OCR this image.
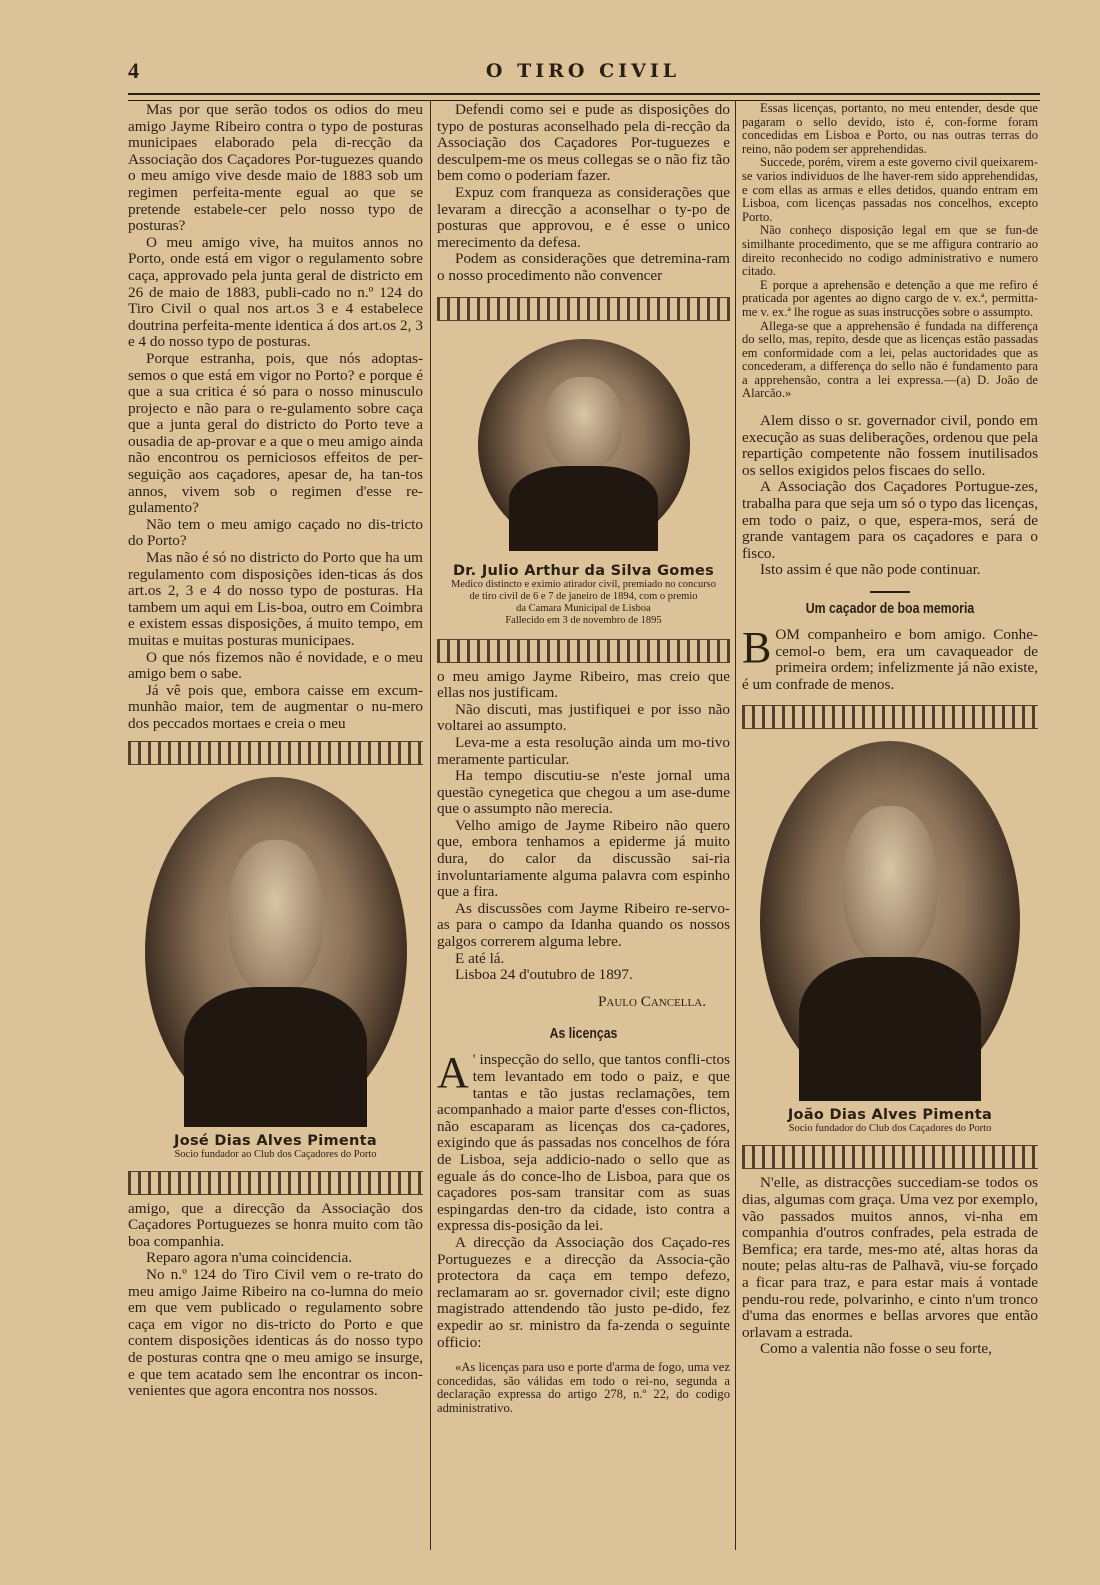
4	O TIRO CIVIL

Mas por que serão todos os odios do meu amigo Jayme Ribeiro contra o typo de posturas municipaes elaborado pela di-recção da Associação dos Caçadores Por-tuguezes quando o meu amigo vive desde maio de 1883 sob um regimen perfeita-mente egual ao que se pretende estabele-cer pelo nosso typo de posturas?

O meu amigo vive, ha muitos annos no Porto, onde está em vigor o regulamento sobre caça, approvado pela junta geral de districto em 26 de maio de 1883, publi-cado no n.º 124 do Tiro Civil o qual nos art.os 3 e 4 estabelece doutrina perfeita-mente identica á dos art.os 2, 3 e 4 do nosso typo de posturas.

Porque estranha, pois, que nós adoptas-semos o que está em vigor no Porto? e porque é que a sua critica é só para o nosso minusculo projecto e não para o re-gulamento sobre caça que a junta geral do districto do Porto teve a ousadia de ap-provar e a que o meu amigo ainda não encontrou os perniciosos effeitos de per-seguição aos caçadores, apesar de, ha tan-tos annos, vivem sob o regimen d'esse re-gulamento?

Não tem o meu amigo caçado no dis-tricto do Porto?

Mas não é só no districto do Porto que ha um regulamento com disposições iden-ticas ás dos art.os 2, 3 e 4 do nosso typo de posturas. Ha tambem um aqui em Lis-boa, outro em Coimbra e existem essas disposições, á muito tempo, em muitas e muitas posturas municipaes.

O que nós fizemos não é novidade, e o meu amigo bem o sabe.

Já vê pois que, embora caisse em excum-munhão maior, tem de augmentar o nu-mero dos peccados mortaes e creia o meu

José Dias Alves Pimenta
Socio fundador ao Club dos Caçadores do Porto

amigo, que a direcção da Associação dos Caçadores Portuguezes se honra muito com tão boa companhia.

Reparo agora n'uma coincidencia.

No n.º 124 do Tiro Civil vem o re-trato do meu amigo Jaime Ribeiro na co-lumna do meio em que vem publicado o regulamento sobre caça em vigor no dis-tricto do Porto e que contem disposições identicas ás do nosso typo de posturas contra qne o meu amigo se insurge, e que tem acatado sem lhe encontrar os incon-venientes que agora encontra nos nossos.

Defendi como sei e pude as disposições do typo de posturas aconselhado pela di-recção da Associação dos Caçadores Por-tuguezes e desculpem-me os meus collegas se o não fiz tão bem como o poderiam fazer.

Expuz com franqueza as considerações que levaram a direcção a aconselhar o ty-po de posturas que approvou, e é esse o unico merecimento da defesa.

Podem as considerações que detremina-ram o nosso procedimento não convencer

Dr. Julio Arthur da Silva Gomes
Medico distincto e eximio atirador civil, premiado no concurso
de tiro civil de 6 e 7 de janeiro de 1894, com o premio
da Camara Municipal de Lisboa
Fallecido em 3 de novembro de 1895

o meu amigo Jayme Ribeiro, mas creio que ellas nos justificam.

Não discuti, mas justifiquei e por isso não voltarei ao assumpto.

Leva-me a esta resolução ainda um mo-tivo meramente particular.

Ha tempo discutiu-se n'este jornal uma questão cynegetica que chegou a um ase-dume que o assumpto não merecia.

Velho amigo de Jayme Ribeiro não quero que, embora tenhamos a epiderme já muito dura, do calor da discussão sai-ria involuntariamente alguma palavra com espinho que a fira.

As discussões com Jayme Ribeiro re-servo-as para o campo da Idanha quando os nossos galgos correrem alguma lebre.

E até lá.

Lisboa 24 d'outubro de 1897.

Paulo Cancella.
As licenças
A ' inspecção do sello, que tantos confli-ctos tem levantado em todo o paiz, e que tantas e tão justas reclamações, tem acompanhado a maior parte d'esses con-flictos, não escaparam as licenças dos ca-çadores, exigindo que ás passadas nos concelhos de fóra de Lisboa, seja addicio-nado o sello que as eguale ás do conce-lho de Lisboa, para que os caçadores pos-sam transitar com as suas espingardas den-tro da cidade, isto contra a expressa dis-posição da lei.

A direcção da Associação dos Caçado-res Portuguezes e a direcção da Associa-ção protectora da caça em tempo defezo, reclamaram ao sr. governador civil; este digno magistrado attendendo tão justo pe-dido, fez expedir ao sr. ministro da fa-zenda o seguinte officio:

«As licenças para uso e porte d'arma de fogo, uma vez concedidas, são válidas em todo o rei-no, segunda a declaração expressa do artigo 278, n.º 22, do codigo administrativo.

Essas licenças, portanto, no meu entender, desde que pagaram o sello devido, isto é, con-forme foram concedidas em Lisboa e Porto, ou nas outras terras do reino, não podem ser apprehendidas.

Succede, porém, virem a este governo civil queixarem-se varios individuos de lhe haver-rem sido apprehendidas, e com ellas as armas e elles detidos, quando entram em Lisboa, com licenças passadas nos concelhos, excepto Porto.

Não conheço disposição legal em que se fun-de similhante procedimento, que se me affigura contrario ao direito reconhecido no codigo administrativo e numero citado.

E porque a aprehensão e detenção a que me refiro é praticada por agentes ao digno cargo de v. ex.ª, permitta-me v. ex.ª lhe rogue as suas instrucções sobre o assumpto.

Allega-se que a apprehensão é fundada na differença do sello, mas, repito, desde que as licenças estão passadas em conformidade com a lei, pelas auctoridades que as concederam, a differença do sello não é fundamento para a apprehensão, contra a lei expressa.—(a) D. João de Alarcão.»

Alem disso o sr. governador civil, pondo em execução as suas deliberações, ordenou que pela repartição competente não fossem inutilisados os sellos exigidos pelos fiscaes do sello.

A Associação dos Caçadores Portugue-zes, trabalha para que seja um só o typo das licenças, em todo o paiz, o que, espera-mos, será de grande vantagem para os caçadores e para o fisco.

Isto assim é que não pode continuar.

Um caçador de boa memoria
B OM companheiro e bom amigo. Conhe-cemol-o bem, era um cavaqueador de primeira ordem; infelizmente já não existe, é um confrade de menos.

João Dias Alves Pimenta
Socio fundador do Club dos Caçadores do Porto

N'elle, as distracções succediam-se todos os dias, algumas com graça. Uma vez por exemplo, vão passados muitos annos, vi-nha em companhia d'outros confrades, pela estrada de Bemfica; era tarde, mes-mo até, altas horas da noute; pelas altu-ras de Palhavã, viu-se forçado a ficar para traz, e para estar mais á vontade pendu-rou rede, polvarinho, e cinto n'um tronco d'uma das enormes e bellas arvores que então orlavam a estrada.

Como a valentia não fosse o seu forte,
